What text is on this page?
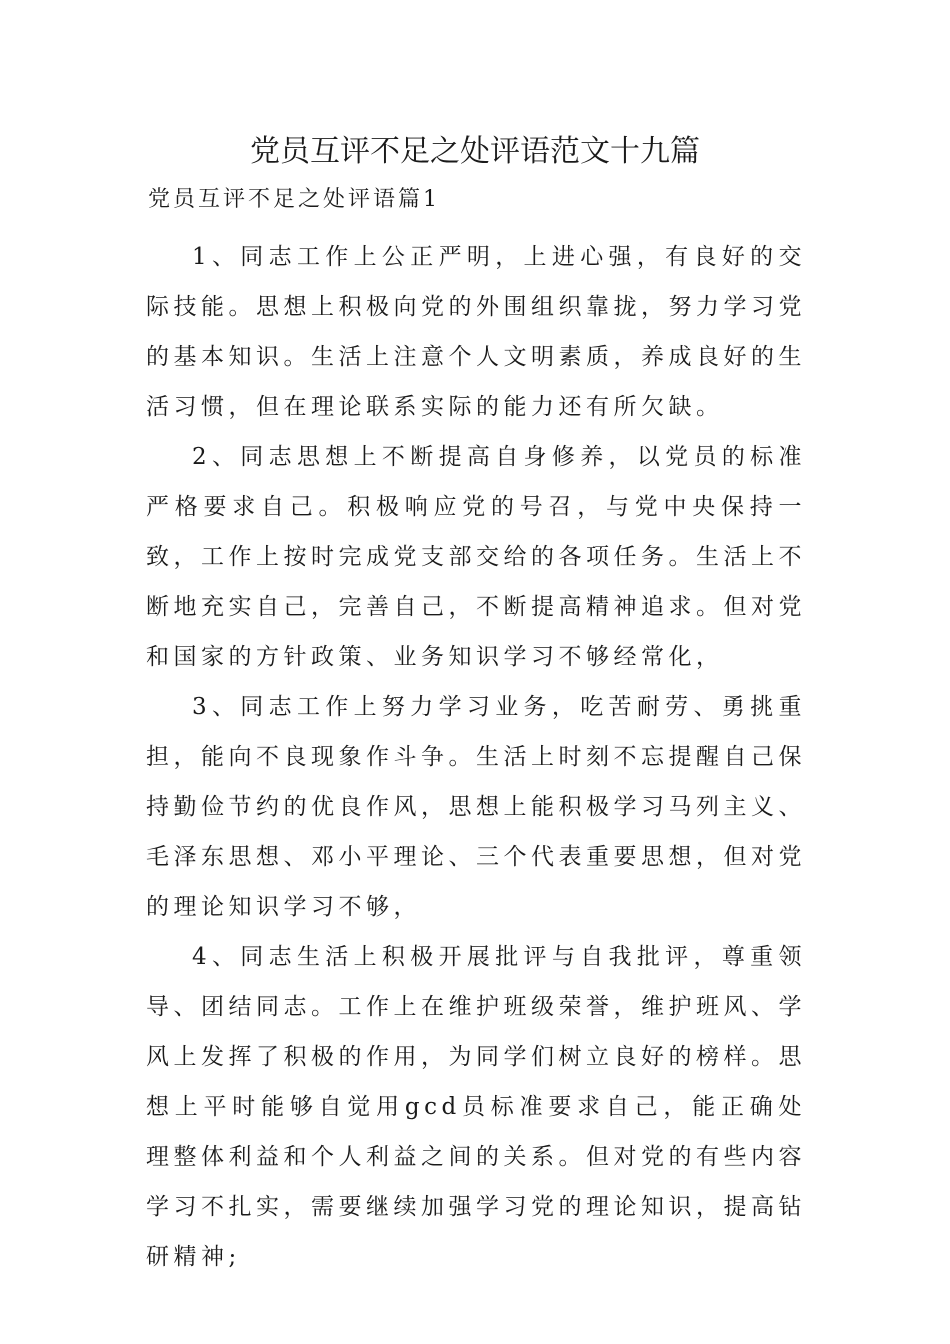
党员互评不足之处评语范文十九篇
党员互评不足之处评语篇1

1、同志工作上公正严明，上进心强，有良好的交际技能。思想上积极向党的外围组织靠拢，努力学习党的基本知识。生活上注意个人文明素质，养成良好的生活习惯，但在理论联系实际的能力还有所欠缺。

2、同志思想上不断提高自身修养，以党员的标准严格要求自己。积极响应党的号召，与党中央保持一致，工作上按时完成党支部交给的各项任务。生活上不断地充实自己，完善自己，不断提高精神追求。但对党和国家的方针政策、业务知识学习不够经常化，

3、同志工作上努力学习业务，吃苦耐劳、勇挑重担，能向不良现象作斗争。生活上时刻不忘提醒自己保持勤俭节约的优良作风，思想上能积极学习马列主义、毛泽东思想、邓小平理论、三个代表重要思想，但对党的理论知识学习不够，

4、同志生活上积极开展批评与自我批评，尊重领导、团结同志。工作上在维护班级荣誉，维护班风、学风上发挥了积极的作用，为同学们树立良好的榜样。思想上平时能够自觉用gcd员标准要求自己，能正确处理整体利益和个人利益之间的关系。但对党的有些内容学习不扎实，需要继续加强学习党的理论知识，提高钻研精神;
